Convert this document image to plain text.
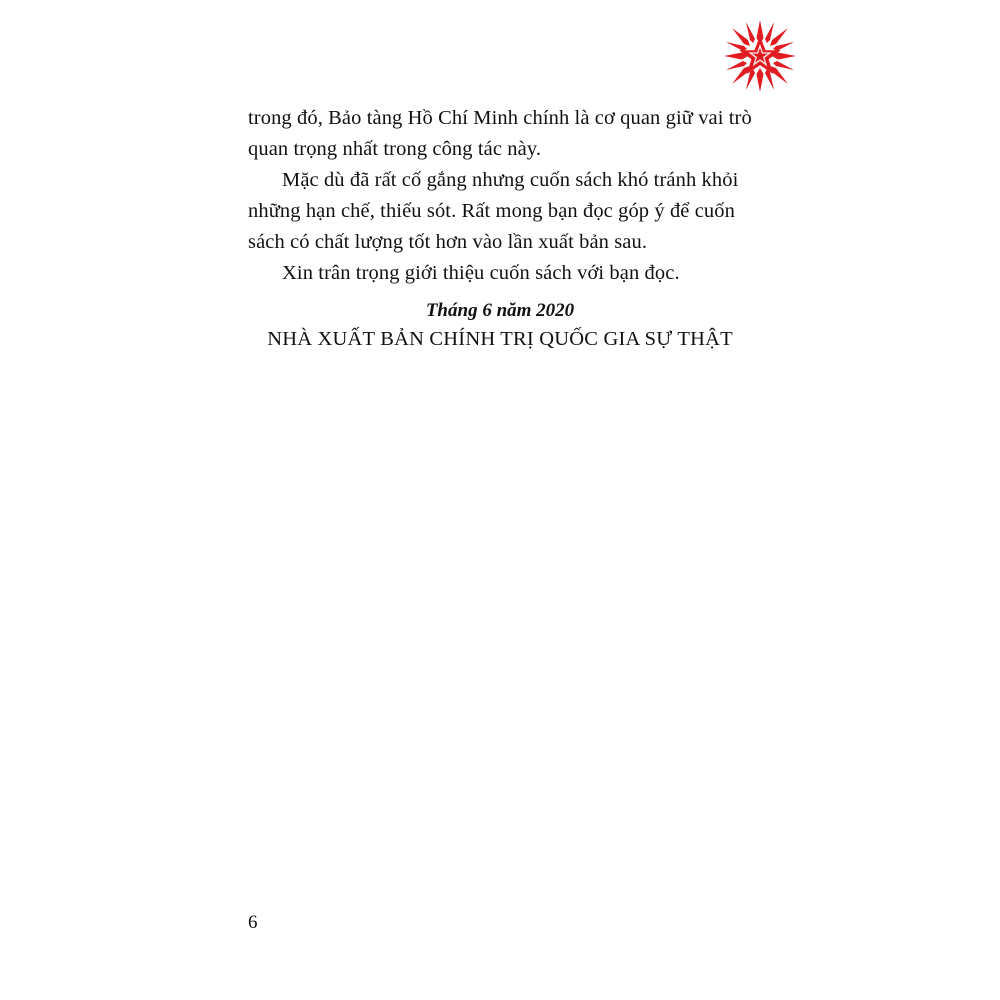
trong đó, Bảo tàng Hồ Chí Minh chính là cơ quan giữ vai trò quan trọng nhất trong công tác này.

Mặc dù đã rất cố gắng nhưng cuốn sách khó tránh khỏi những hạn chế, thiếu sót. Rất mong bạn đọc góp ý để cuốn sách có chất lượng tốt hơn vào lần xuất bản sau.

Xin trân trọng giới thiệu cuốn sách với bạn đọc.

Tháng 6 năm 2020

NHÀ XUẤT BẢN CHÍNH TRỊ QUỐC GIA SỰ THẬT

6
